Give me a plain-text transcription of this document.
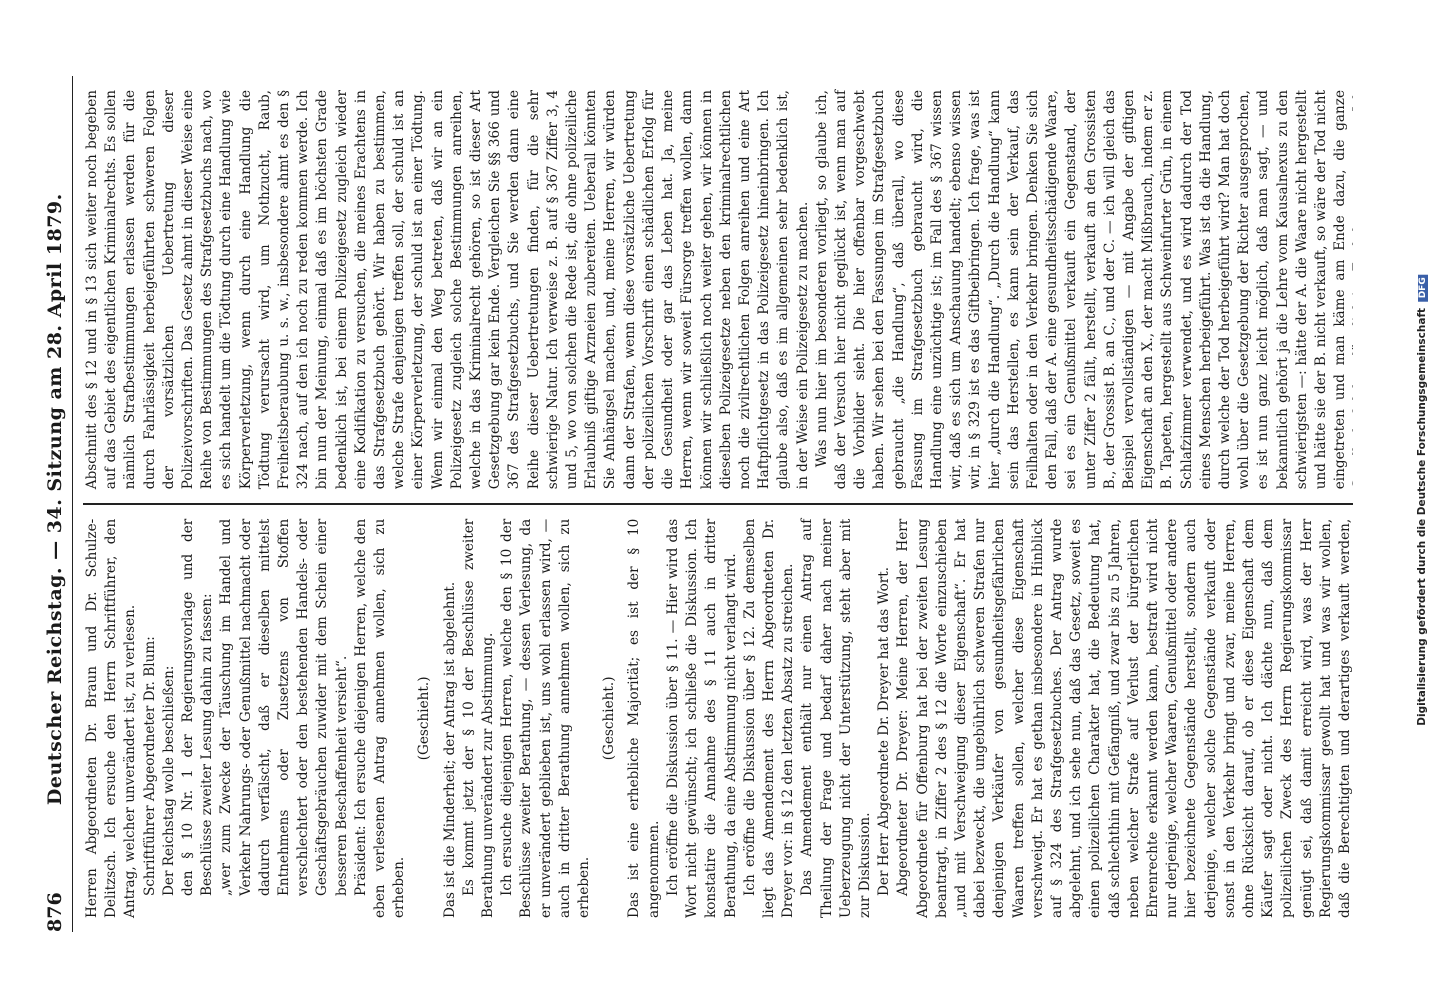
876
Deutscher Reichstag. — 34. Sitzung am 28. April 1879. Herren Abgeordneten Dr. Braun und Dr. Schulze-Delitzsch. Ich ersuche den Herrn Schriftführer, den Antrag, welcher unverändert ist, zu verlesen. Schriftführer Abgeordneter Dr. Blum: Der Reichstag wolle beschließen: den § 10 Nr. 1 der Regierungsvorlage und der Beschlüsse zweiter Lesung dahin zu fassen: „wer zum Zwecke der Täuschung im Handel und Verkehr Nahrungs- oder Genußmittel nachmacht oder dadurch verfälscht, daß er dieselben mittelst Entnehmens oder Zusetzens von Stoffen verschlechtert oder den bestehenden Handels- oder Geschäftsgebräuchen zuwider mit dem Schein einer besseren Beschaffenheit versieht“. Präsident: Ich ersuche diejenigen Herren, welche den eben verlesenen Antrag annehmen wollen, sich zu erheben.

(Geschieht.) Das ist die Minderheit; der Antrag ist abgelehnt. Es kommt jetzt der § 10 der Beschlüsse zweiter Berathung unverändert zur Abstimmung. Ich ersuche diejenigen Herren, welche den § 10 der Beschlüsse zweiter Berathung, — dessen Verlesung, da er unverändert geblieben ist, uns wohl erlassen wird, — auch in dritter Berathung annehmen wollen, sich zu erheben.

(Geschieht.) Das ist eine erhebliche Majorität; es ist der § 10 angenommen. Ich eröffne die Diskussion über § 11. — Hier wird das Wort nicht gewünscht; ich schließe die Diskussion. Ich konstatire die Annahme des § 11 auch in dritter Berathung, da eine Abstimmung nicht verlangt wird. Ich eröffne die Diskussion über § 12. Zu demselben liegt das Amendement des Herrn Abgeordneten Dr. Dreyer vor: in § 12 den letzten Absatz zu streichen. Das Amendement enthält nur einen Antrag auf Theilung der Frage und bedarf daher nach meiner Ueberzeugung nicht der Unterstützung, steht aber mit zur Diskussion. Der Herr Abgeordnete Dr. Dreyer hat das Wort. Abgeordneter Dr. Dreyer: Meine Herren, der Herr Abgeordnete für Offenburg hat bei der zweiten Lesung beantragt, in Ziffer 2 des § 12 die Worte einzuschieben „und mit Verschweigung dieser Eigenschaft“. Er hat dabei bezweckt, die ungebührlich schweren Strafen nur denjenigen Verkäufer von gesundheitsgefährlichen Waaren treffen sollen, welcher diese Eigenschaft verschweigt. Er hat es gethan insbesondere in Hinblick auf § 324 des Strafgesetzbuches. Der Antrag wurde abgelehnt, und ich sehe nun, daß das Gesetz, soweit es einen polizeilichen Charakter hat, die Bedeutung hat, daß schlechthin mit Gefängniß, und zwar bis zu 5 Jahren, neben welcher Strafe auf Verlust der bürgerlichen Ehrenrechte erkannt werden kann, bestraft wird nicht nur derjenige, welcher Waaren, Genußmittel oder andere hier bezeichnete Gegenstände herstellt, sondern auch derjenige, welcher solche Gegenstände verkauft oder sonst in den Verkehr bringt und zwar, meine Herren, ohne Rücksicht darauf, ob er diese Eigenschaft dem Käufer sagt oder nicht. Ich dächte nun, daß dem polizeilichen Zweck des Herrn Regierungskommissar genügt sei, daß damit erreicht wird, was der Herr Regierungskommissar gewollt hat und was wir wollen, daß die Berechtigten und derartiges verkauft werden,

Abschnitt des § 12 und in § 13 sich weiter noch begeben auf das Gebiet des eigentlichen Kriminalrechts. Es sollen nämlich Strafbestimmungen erlassen werden für die durch Fahrlässigkeit herbeigeführten schweren Folgen der vorsätzlichen Uebertretung dieser Polizeivorschriften. Das Gesetz ahmt in dieser Weise eine Reihe von Bestimmungen des Strafgesetzbuchs nach, wo es sich handelt um die Tödtung durch eine Handlung wie Körperverletzung, wenn durch eine Handlung die Tödtung verursacht wird, um Nothzucht, Raub, Freiheitsberaubung u. s. w., insbesondere ahmt es den § 324 nach, auf den ich noch zu reden kommen werde. Ich bin nun der Meinung, einmal daß es im höchsten Grade bedenklich ist, bei einem Polizeigesetz zugleich wieder eine Kodifikation zu versuchen, die meines Erachtens in das Strafgesetzbuch gehört. Wir haben zu bestimmen, welche Strafe denjenigen treffen soll, der schuld ist an einer Körperverletzung, der schuld ist an einer Tödtung. Wenn wir einmal den Weg betreten, daß wir an ein Polizeigesetz zugleich solche Bestimmungen anreihen, welche in das Kriminalrecht gehören, so ist dieser Art Gesetzgebung gar kein Ende. Vergleichen Sie §§ 366 und 367 des Strafgesetzbuchs, und Sie werden dann eine Reihe dieser Uebertretungen finden, für die sehr schwierige Natur. Ich verweise z. B. auf § 367 Ziffer 3, 4 und 5, wo von solchen die Rede ist, die ohne polizeiliche Erlaubniß giftige Arzneien zubereiten. Ueberall könnten Sie Anhängsel machen, und, meine Herren, wir würden dann der Strafen, wenn diese vorsätzliche Uebertretung der polizeilichen Vorschrift einen schädlichen Erfolg für die Gesundheit oder gar das Leben hat. Ja, meine Herren, wenn wir soweit Fürsorge treffen wollen, dann können wir schließlich noch weiter gehen, wir können in dieselben Polizeigesetze neben den kriminalrechtlichen noch die zivilrechtlichen Folgen anreihen und eine Art Haftpflichtgesetz in das Polizeigesetz hineinbringen. Ich glaube also, daß es im allgemeinen sehr bedenklich ist, in der Weise ein Polizeigesetz zu machen. Was nun hier im besonderen vorliegt, so glaube ich, daß der Versuch hier nicht geglückt ist, wenn man auf die Vorbilder sieht. Die hier offenbar vorgeschwebt haben. Wir sehen bei den Fassungen im Strafgesetzbuch gebraucht „die Handlung“, daß überall, wo diese Fassung im Strafgesetzbuch gebraucht wird, die Handlung eine unzüchtige ist; im Fall des § 367 wissen wir, daß es sich um Anschauung handelt; ebenso wissen wir, in § 329 ist es das Giftbeibringen. Ich frage, was ist hier „durch die Handlung“. „Durch die Handlung“ kann sein das Herstellen, es kann sein der Verkauf, das Feilhalten oder in den Verkehr bringen. Denken Sie sich den Fall, daß der A. eine gesundheitsschädigende Waare, sei es ein Genußmittel verkauft ein Gegenstand, der unter Ziffer 2 fällt, herstellt, verkauft an den Grossisten B., der Grossist B. an C., und der C. — ich will gleich das Beispiel vervollständigen — mit Angabe der giftigen Eigenschaft an den X., der macht Mißbrauch, indem er z. B. Tapeten, hergestellt aus Schweinfurter Grün, in einem Schlafzimmer verwendet, und es wird dadurch der Tod eines Menschen herbeigeführt. Was ist da die Handlung, durch welche der Tod herbeigeführt wird? Man hat doch wohl über die Gesetzgebung der Richter ausgesprochen, es ist nun ganz leicht möglich, daß man sagt, — und bekanntlich gehört ja die Lehre vom Kausalnexus zu den schwierigsten —: hätte der A. die Waare nicht hergestellt und hätte sie der B. nicht verkauft, so wäre der Tod nicht eingetreten und man käme am Ende dazu, die ganze

Digitalisierung gefördert durch die Deutsche Forschungsgemeinschaft DFG
